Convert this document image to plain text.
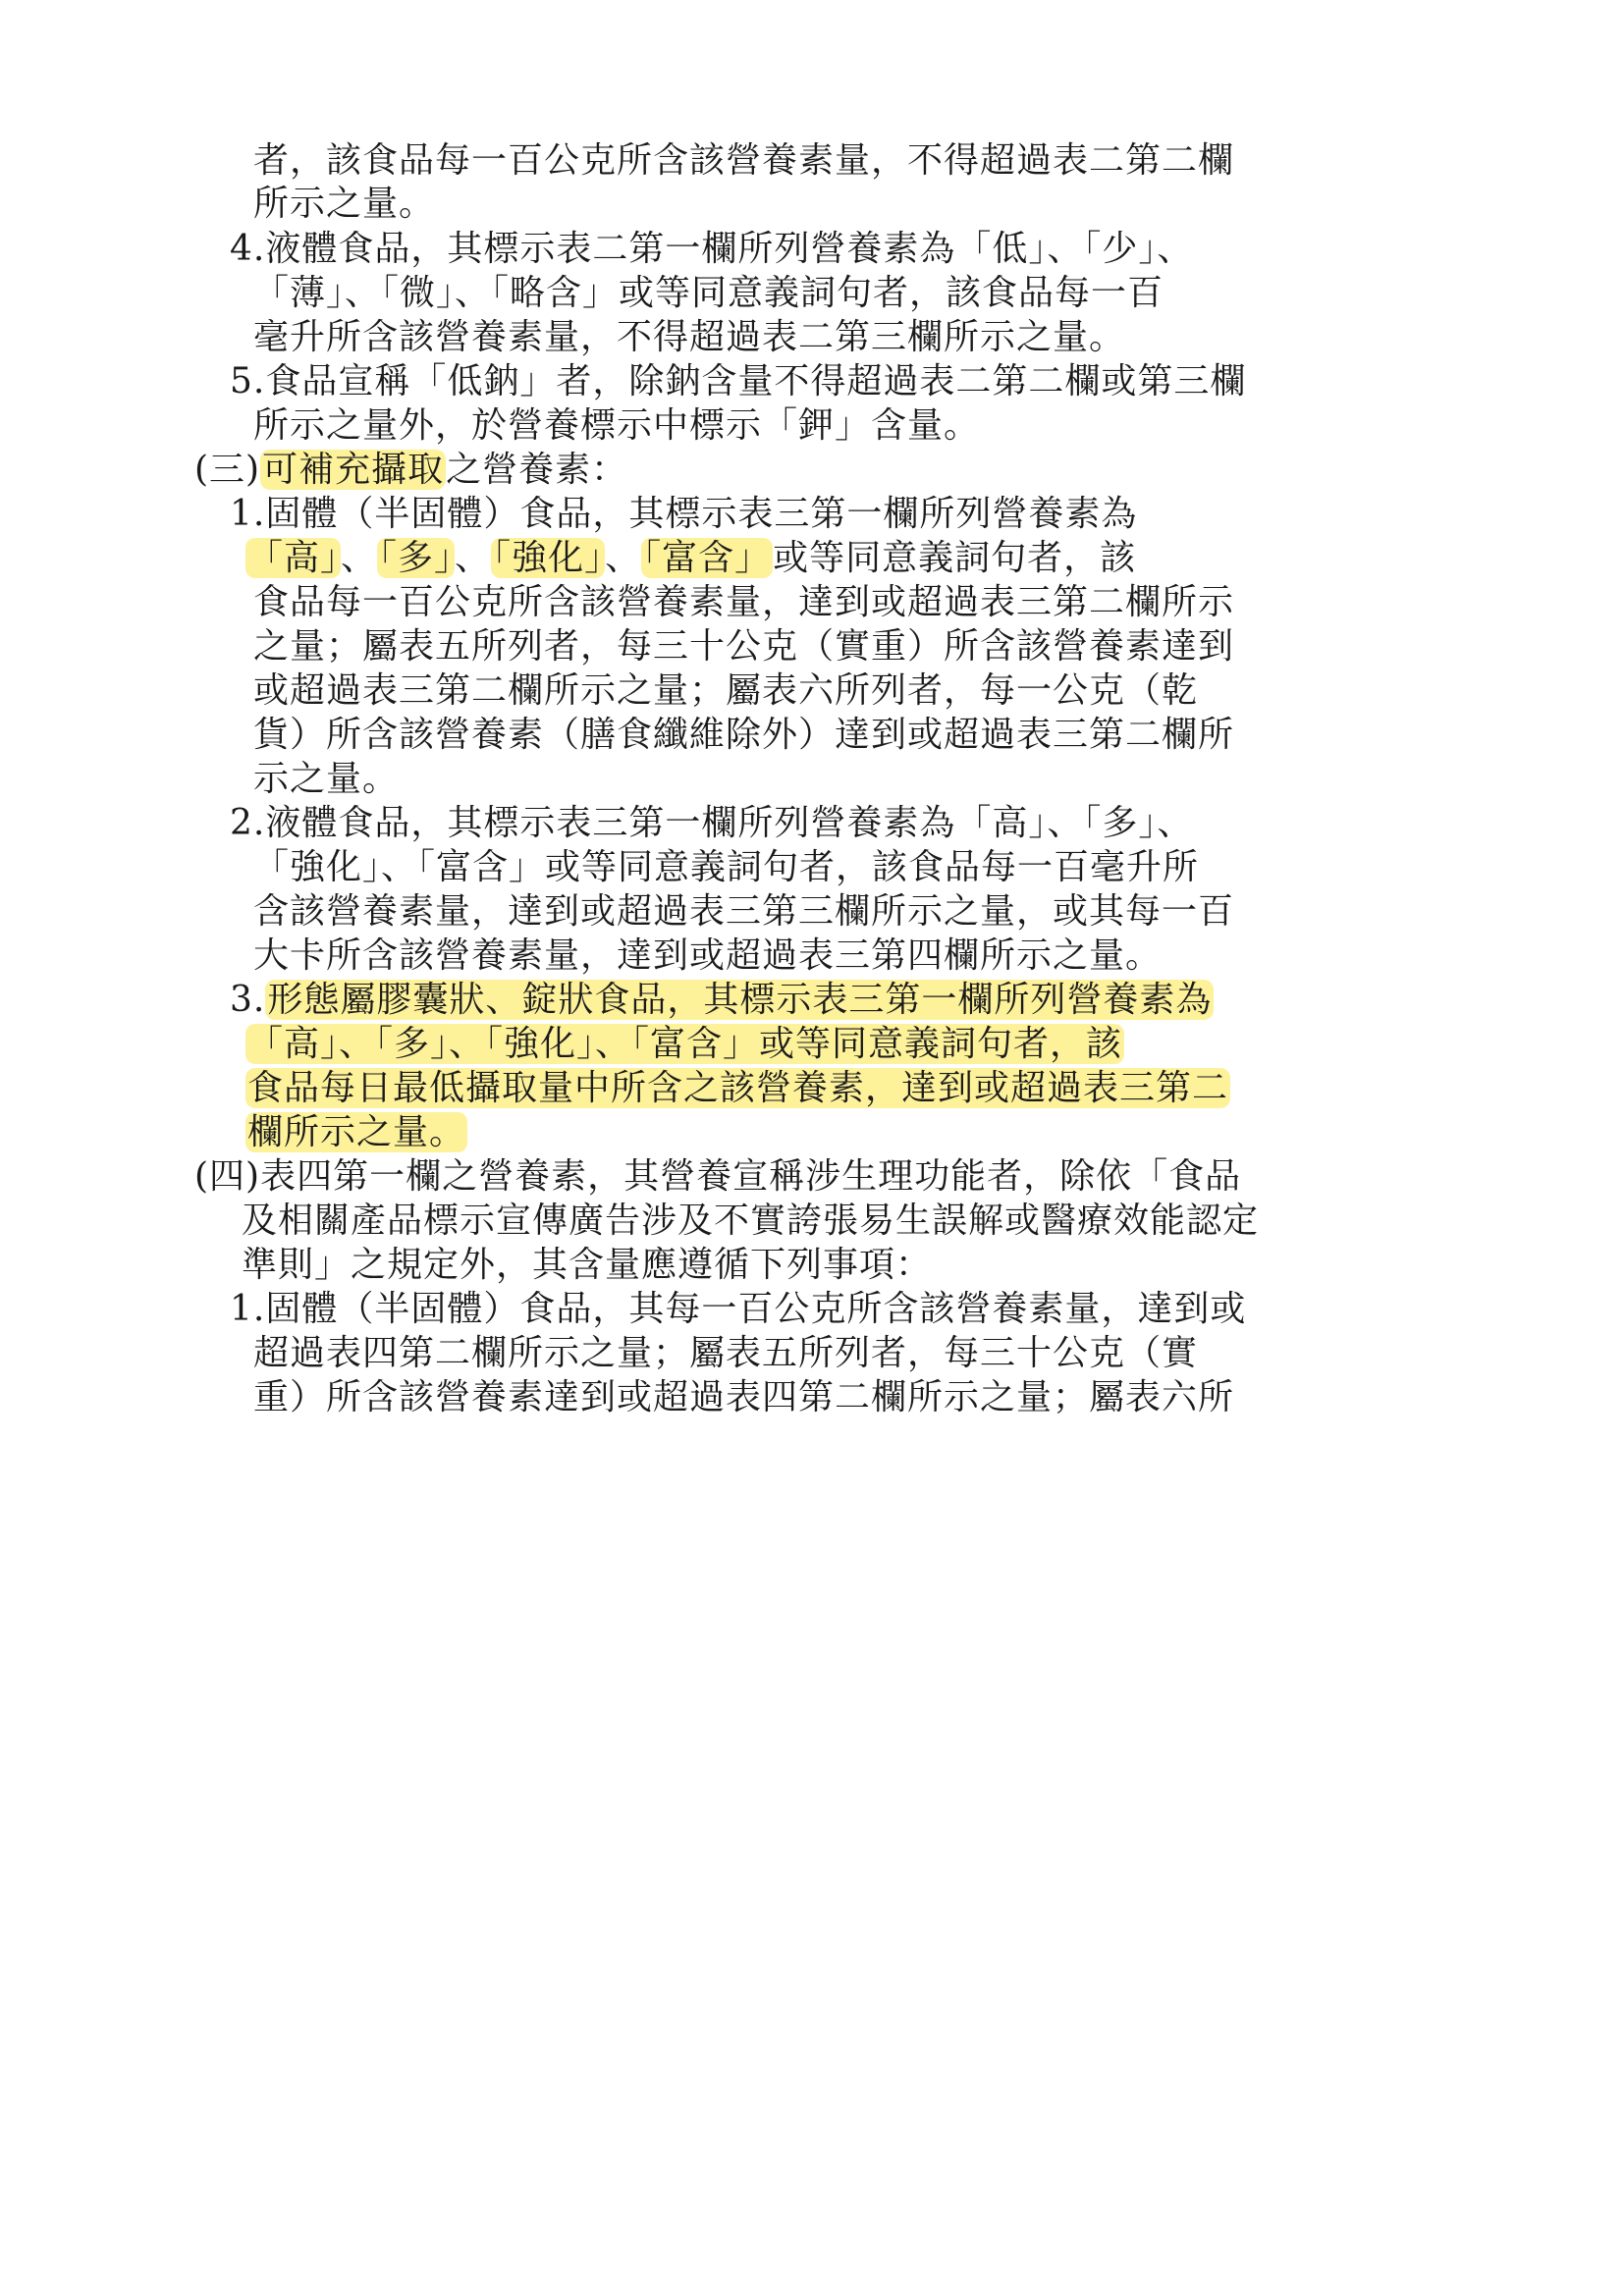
者，該食品每一百公克所含該營養素量，不得超過表二第二欄
所示之量。
4.液體食品，其標示表二第一欄所列營養素為「低」、「少」、
「薄」、「微」、「略含」或等同意義詞句者，該食品每一百
毫升所含該營養素量，不得超過表二第三欄所示之量。
5.食品宣稱「低鈉」者，除鈉含量不得超過表二第二欄或第三欄
所示之量外，於營養標示中標示「鉀」含量。
(三)可補充攝取之營養素：
1.固體（半固體）食品，其標示表三第一欄所列營養素為
「高」、「多」、「強化」、「富含」或等同意義詞句者，該
食品每一百公克所含該營養素量，達到或超過表三第二欄所示
之量；屬表五所列者，每三十公克（實重）所含該營養素達到
或超過表三第二欄所示之量；屬表六所列者，每一公克（乾
貨）所含該營養素（膳食纖維除外）達到或超過表三第二欄所
示之量。
2.液體食品，其標示表三第一欄所列營養素為「高」、「多」、
「強化」、「富含」或等同意義詞句者，該食品每一百毫升所
含該營養素量，達到或超過表三第三欄所示之量，或其每一百
大卡所含該營養素量，達到或超過表三第四欄所示之量。
3.形態屬膠囊狀、錠狀食品，其標示表三第一欄所列營養素為
「高」、「多」、「強化」、「富含」或等同意義詞句者，該
食品每日最低攝取量中所含之該營養素，達到或超過表三第二
欄所示之量。
(四)表四第一欄之營養素，其營養宣稱涉生理功能者，除依「食品
及相關產品標示宣傳廣告涉及不實誇張易生誤解或醫療效能認定
準則」之規定外，其含量應遵循下列事項：
1.固體（半固體）食品，其每一百公克所含該營養素量，達到或
超過表四第二欄所示之量；屬表五所列者，每三十公克（實
重）所含該營養素達到或超過表四第二欄所示之量；屬表六所
